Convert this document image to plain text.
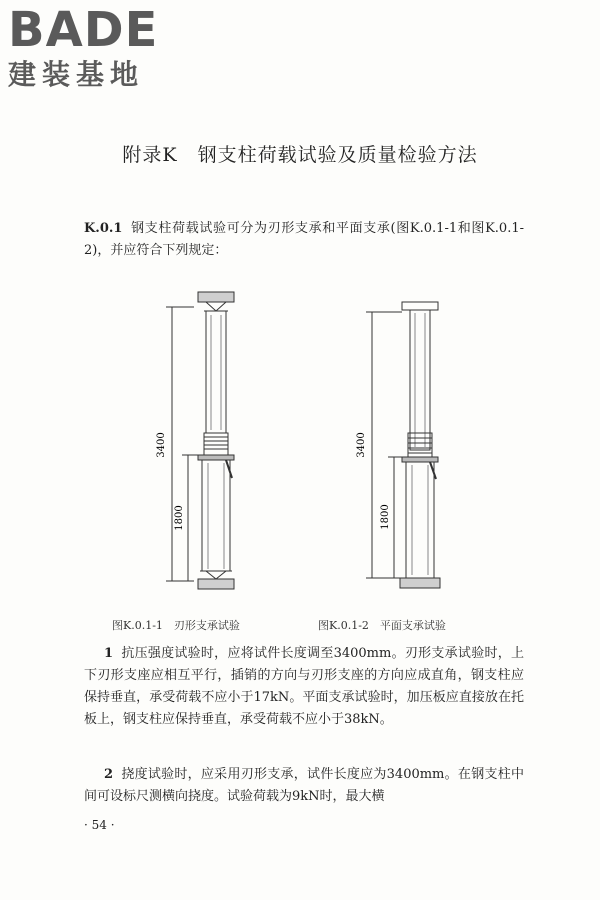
BADE
建装基地
附录K　钢支柱荷载试验及质量检验方法
K.0.1 钢支柱荷载试验可分为刃形支承和平面支承(图K.0.1-1和图K.0.1-2)，并应符合下列规定：
3400
1800
3400
1800
图K.0.1-1　刃形支承试验	图K.0.1-2　平面支承试验
1 抗压强度试验时，应将试件长度调至3400mm。刃形支承试验时，上下刃形支座应相互平行，插销的方向与刃形支座的方向应成直角，钢支柱应保持垂直，承受荷载不应小于17kN。平面支承试验时，加压板应直接放在托板上，钢支柱应保持垂直，承受荷载不应小于38kN。
2 挠度试验时，应采用刃形支承，试件长度应为3400mm。在钢支柱中间可设标尺测横向挠度。试验荷载为9kN时，最大横
· 54 ·
